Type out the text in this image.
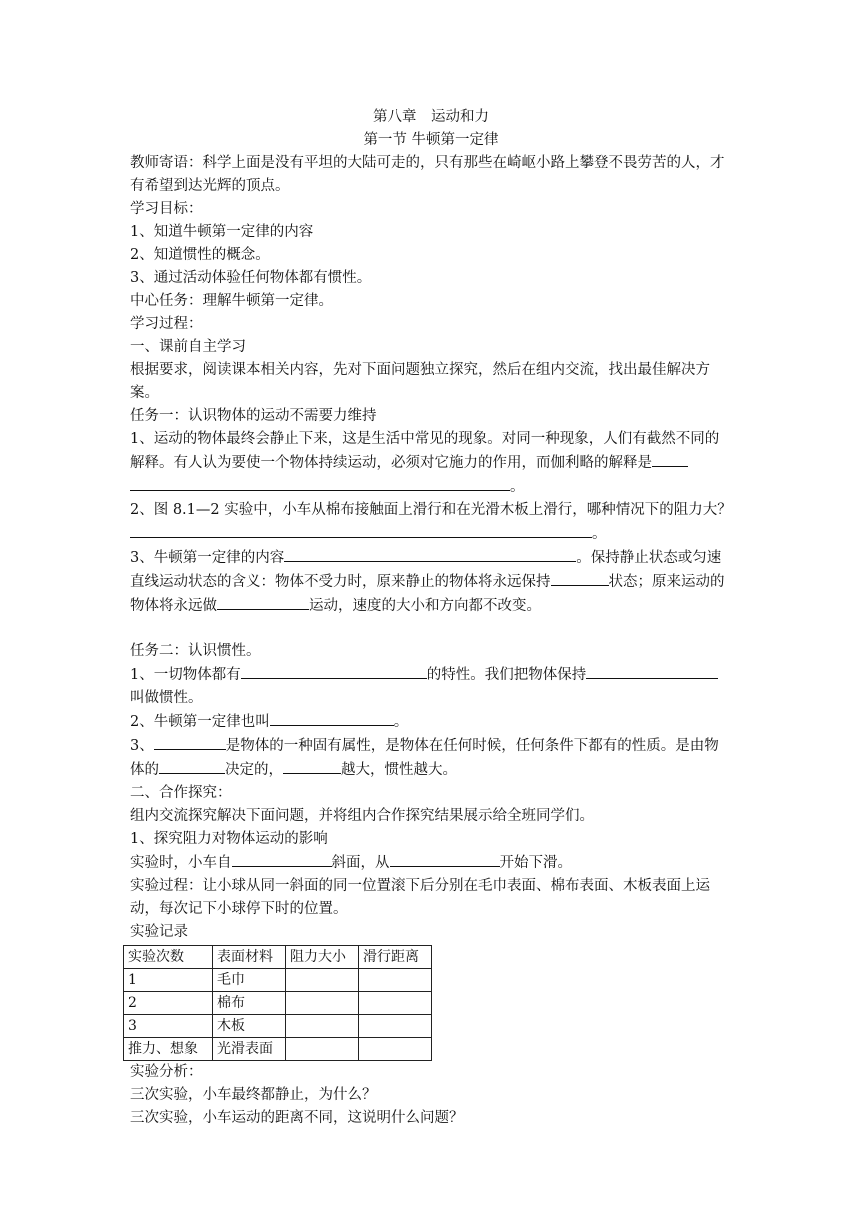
第八章　运动和力

第一节 牛顿第一定律

教师寄语：科学上面是没有平坦的大陆可走的，只有那些在崎岖小路上攀登不畏劳苦的人，才有希望到达光辉的顶点。

学习目标：

1、知道牛顿第一定律的内容

2、知道惯性的概念。

3、通过活动体验任何物体都有惯性。

中心任务：理解牛顿第一定律。

学习过程：

一、课前自主学习

根据要求，阅读课本相关内容，先对下面问题独立探究，然后在组内交流，找出最佳解决方案。

任务一：认识物体的运动不需要力维持

1、运动的物体最终会静止下来，这是生活中常见的现象。对同一种现象，人们有截然不同的解释。有人认为要使一个物体持续运动，必须对它施力的作用，而伽利略的解释是
。

2、图 8.1—2 实验中，小车从棉布接触面上滑行和在光滑木板上滑行，哪种情况下的阻力大？
。

3、牛顿第一定律的内容	。保持静止状态或匀速直线运动状态的含义：物体不受力时，原来静止的物体将永远保持	状态；原来运动的物体将永远做	运动，速度的大小和方向都不改变。

任务二：认识惯性。

1、一切物体都有	的特性。我们把物体保持
叫做惯性。

2、牛顿第一定律也叫	。

3、	是物体的一种固有属性，是物体在任何时候，任何条件下都有的性质。是由物体的	决定的，	越大，惯性越大。

二、合作探究：

组内交流探究解决下面问题，并将组内合作探究结果展示给全班同学们。

1、探究阻力对物体运动的影响

实验时，小车自	斜面，从	开始下滑。

实验过程：让小球从同一斜面的同一位置滚下后分别在毛巾表面、棉布表面、木板表面上运动，每次记下小球停下时的位置。

实验记录

实验次数	表面材料	阻力大小	滑行距离
1	毛巾		
2	棉布		
3	木板		
推力、想象	光滑表面		

实验分析：

三次实验，小车最终都静止，为什么？

三次实验，小车运动的距离不同，这说明什么问题？
